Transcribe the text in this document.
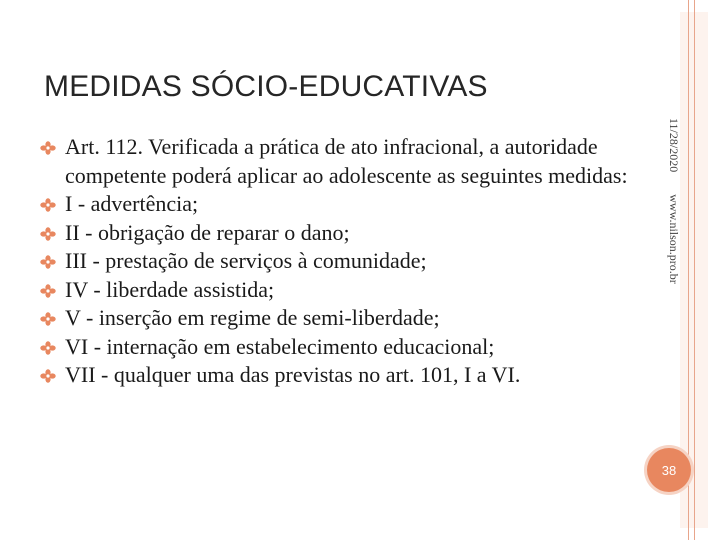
MEDIDAS SÓCIO-EDUCATIVAS
Art. 112. Verificada a prática de ato infracional, a autoridade competente poderá aplicar ao adolescente as seguintes medidas:
I - advertência;
II - obrigação de reparar o dano;
III - prestação de serviços à comunidade;
IV - liberdade assistida;
V - inserção em regime de semi-liberdade;
VI - internação em estabelecimento educacional;
VII - qualquer uma das previstas no art. 101, I a VI.
11/28/2020www.nilson.pro.br
38
